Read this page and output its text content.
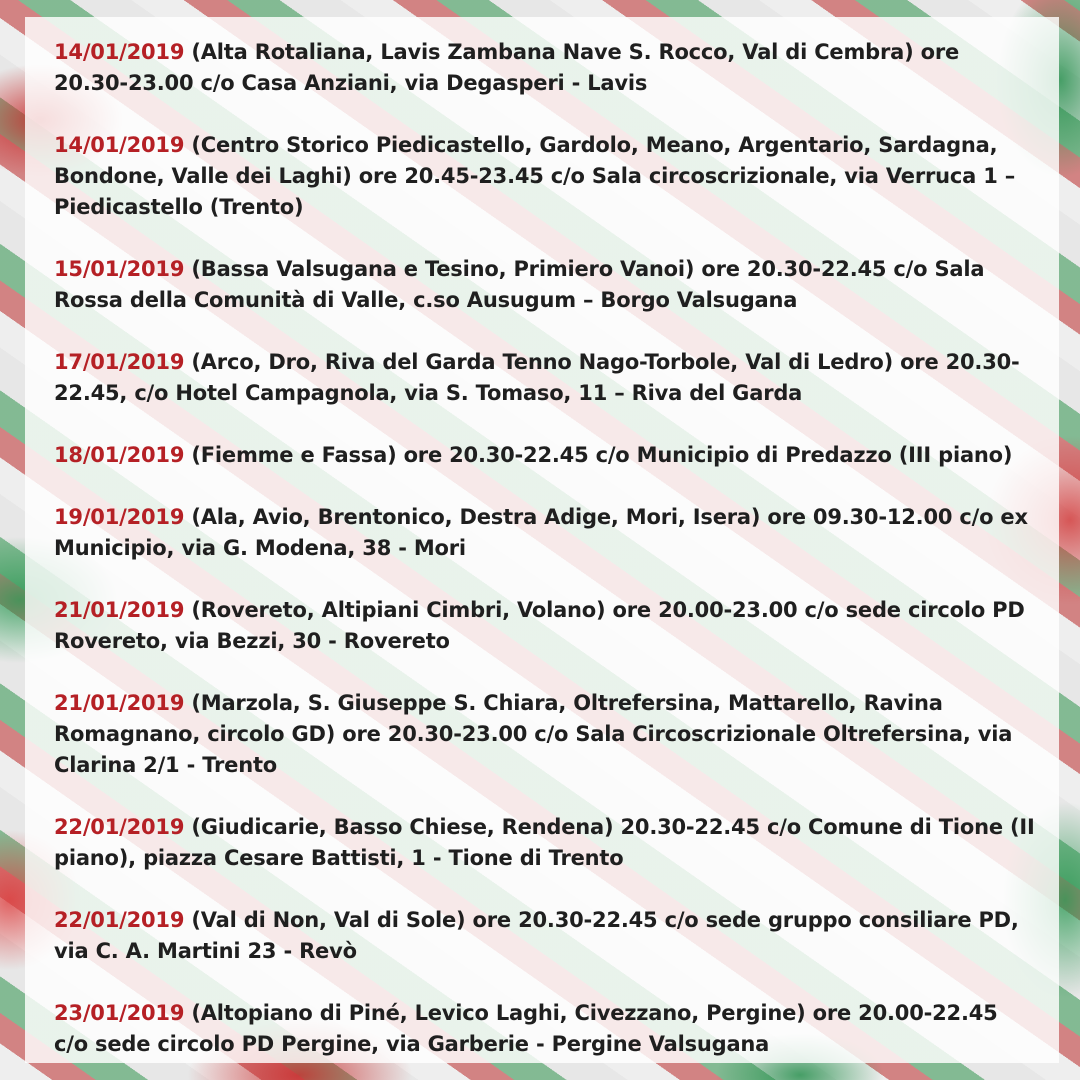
14/01/2019 (Alta Rotaliana, Lavis Zambana Nave S. Rocco, Val di Cembra) ore 20.30-23.00 c/o Casa Anziani, via Degasperi - Lavis

14/01/2019 (Centro Storico Piedicastello, Gardolo, Meano, Argentario, Sardagna, Bondone, Valle dei Laghi) ore 20.45-23.45 c/o Sala circoscrizionale, via Verruca 1 – Piedicastello (Trento)

15/01/2019 (Bassa Valsugana e Tesino, Primiero Vanoi) ore 20.30-22.45 c/o Sala Rossa della Comunità di Valle, c.so Ausugum – Borgo Valsugana

17/01/2019 (Arco, Dro, Riva del Garda Tenno Nago-Torbole, Val di Ledro) ore 20.30-22.45, c/o Hotel Campagnola, via S. Tomaso, 11 – Riva del Garda

18/01/2019 (Fiemme e Fassa) ore 20.30-22.45 c/o Municipio di Predazzo (III piano)

19/01/2019 (Ala, Avio, Brentonico, Destra Adige, Mori, Isera) ore 09.30-12.00 c/o ex Municipio, via G. Modena, 38 - Mori

21/01/2019 (Rovereto, Altipiani Cimbri, Volano) ore 20.00-23.00 c/o sede circolo PD Rovereto, via Bezzi, 30 - Rovereto

21/01/2019 (Marzola, S. Giuseppe S. Chiara, Oltrefersina, Mattarello, Ravina Romagnano, circolo GD) ore 20.30-23.00 c/o Sala Circoscrizionale Oltrefersina, via Clarina 2/1 - Trento

22/01/2019 (Giudicarie, Basso Chiese, Rendena) 20.30-22.45 c/o Comune di Tione (II piano), piazza Cesare Battisti, 1 - Tione di Trento

22/01/2019 (Val di Non, Val di Sole) ore 20.30-22.45 c/o sede gruppo consiliare PD, via C. A. Martini 23 - Revò

23/01/2019 (Altopiano di Piné, Levico Laghi, Civezzano, Pergine) ore 20.00-22.45 c/o sede circolo PD Pergine, via Garberie - Pergine Valsugana
